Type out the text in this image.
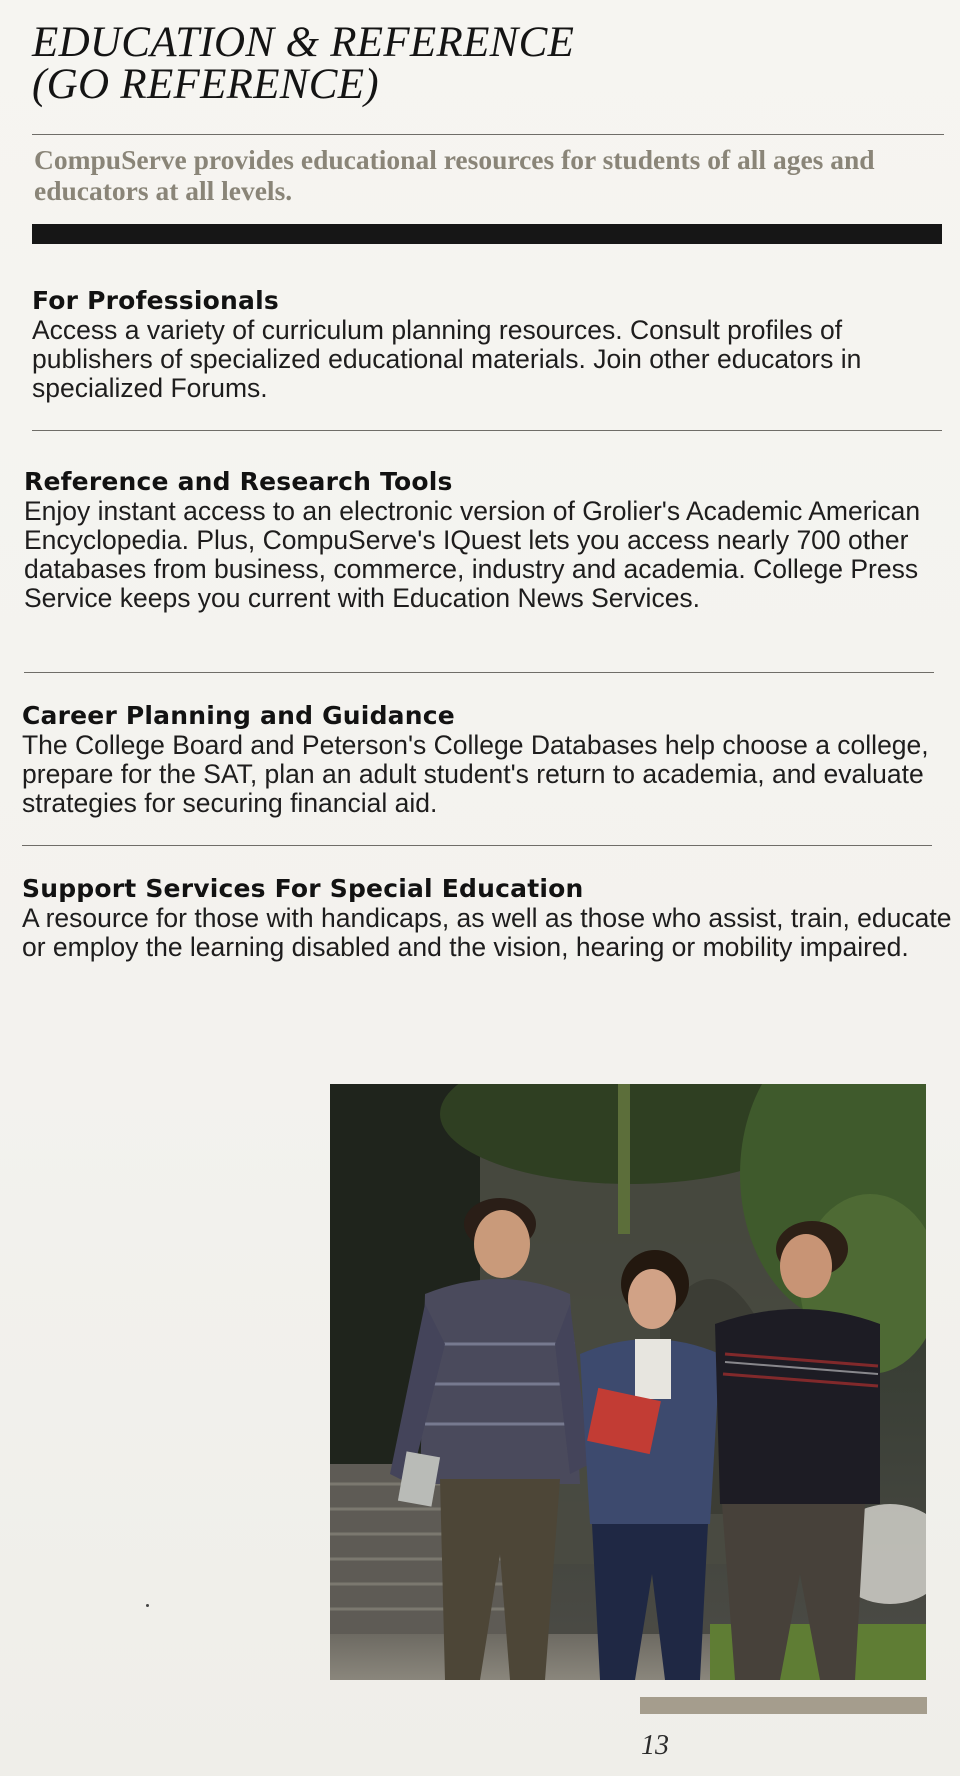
EDUCATION & REFERENCE
(GO REFERENCE)

CompuServe provides educational resources for students of all ages and educators at all levels.

For Professionals

Access a variety of curriculum planning resources. Consult profiles of publishers of specialized educational materials. Join other educators in specialized Forums.

Reference and Research Tools

Enjoy instant access to an electronic version of Grolier's Academic American Encyclopedia. Plus, CompuServe's IQuest lets you access nearly 700 other databases from business, commerce, industry and academia. College Press Service keeps you current with Education News Services.

Career Planning and Guidance

The College Board and Peterson's College Databases help choose a college, prepare for the SAT, plan an adult student's return to academia, and evaluate strategies for securing financial aid.

Support Services For Special Education

A resource for those with handicaps, as well as those who assist, train, educate or employ the learning disabled and the vision, hearing or mobility impaired.

13
